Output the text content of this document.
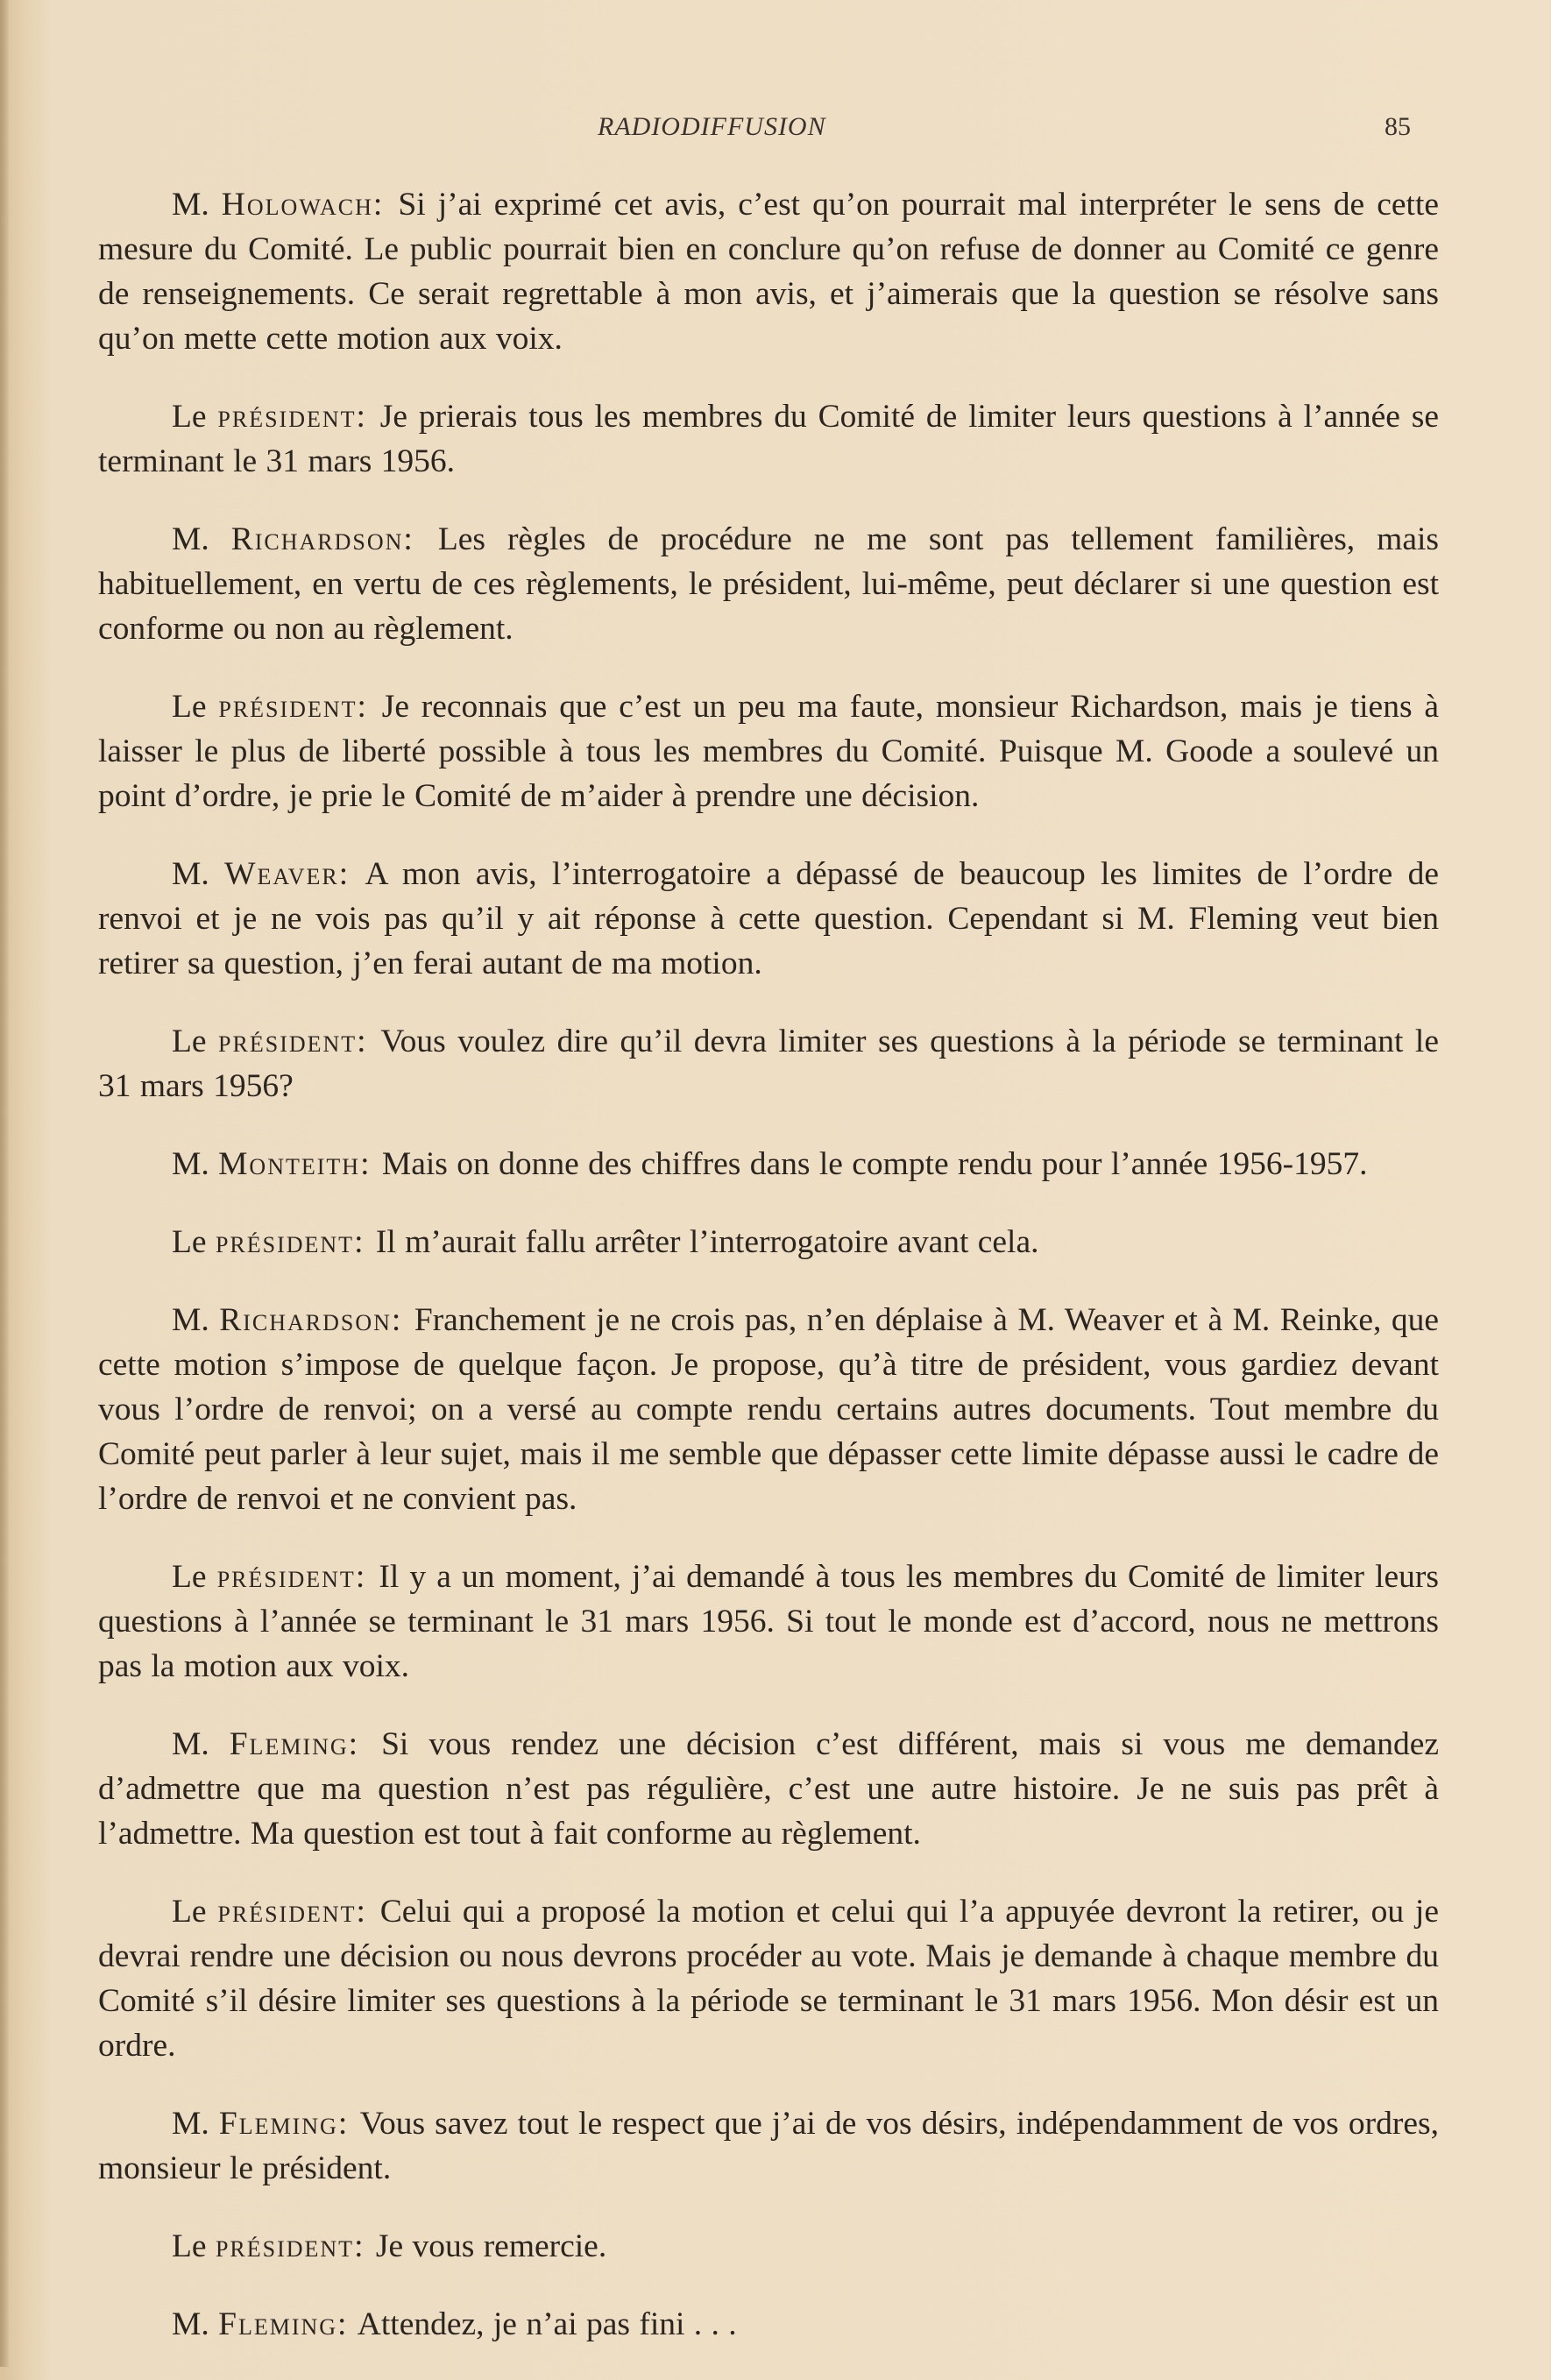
RADIODIFFUSION	85

M. Holowach: Si j’ai exprimé cet avis, c’est qu’on pourrait mal interpréter le sens de cette mesure du Comité. Le public pourrait bien en conclure qu’on refuse de donner au Comité ce genre de renseignements. Ce serait regrettable à mon avis, et j’aimerais que la question se résolve sans qu’on mette cette motion aux voix.

Le président: Je prierais tous les membres du Comité de limiter leurs questions à l’année se terminant le 31 mars 1956.

M. Richardson: Les règles de procédure ne me sont pas tellement familières, mais habituellement, en vertu de ces règlements, le président, lui-même, peut déclarer si une question est conforme ou non au règlement.

Le président: Je reconnais que c’est un peu ma faute, monsieur Richardson, mais je tiens à laisser le plus de liberté possible à tous les membres du Comité. Puisque M. Goode a soulevé un point d’ordre, je prie le Comité de m’aider à prendre une décision.

M. Weaver: A mon avis, l’interrogatoire a dépassé de beaucoup les limites de l’ordre de renvoi et je ne vois pas qu’il y ait réponse à cette question. Cependant si M. Fleming veut bien retirer sa question, j’en ferai autant de ma motion.

Le président: Vous voulez dire qu’il devra limiter ses questions à la période se terminant le 31 mars 1956?

M. Monteith: Mais on donne des chiffres dans le compte rendu pour l’année 1956-1957.

Le président: Il m’aurait fallu arrêter l’interrogatoire avant cela.

M. Richardson: Franchement je ne crois pas, n’en déplaise à M. Weaver et à M. Reinke, que cette motion s’impose de quelque façon. Je propose, qu’à titre de président, vous gardiez devant vous l’ordre de renvoi; on a versé au compte rendu certains autres documents. Tout membre du Comité peut parler à leur sujet, mais il me semble que dépasser cette limite dépasse aussi le cadre de l’ordre de renvoi et ne convient pas.

Le président: Il y a un moment, j’ai demandé à tous les membres du Comité de limiter leurs questions à l’année se terminant le 31 mars 1956. Si tout le monde est d’accord, nous ne mettrons pas la motion aux voix.

M. Fleming: Si vous rendez une décision c’est différent, mais si vous me demandez d’admettre que ma question n’est pas régulière, c’est une autre histoire. Je ne suis pas prêt à l’admettre. Ma question est tout à fait conforme au règlement.

Le président: Celui qui a proposé la motion et celui qui l’a appuyée devront la retirer, ou je devrai rendre une décision ou nous devrons procéder au vote. Mais je demande à chaque membre du Comité s’il désire limiter ses questions à la période se terminant le 31 mars 1956. Mon désir est un ordre.

M. Fleming: Vous savez tout le respect que j’ai de vos désirs, indépendamment de vos ordres, monsieur le président.

Le président: Je vous remercie.

M. Fleming: Attendez, je n’ai pas fini . . .
